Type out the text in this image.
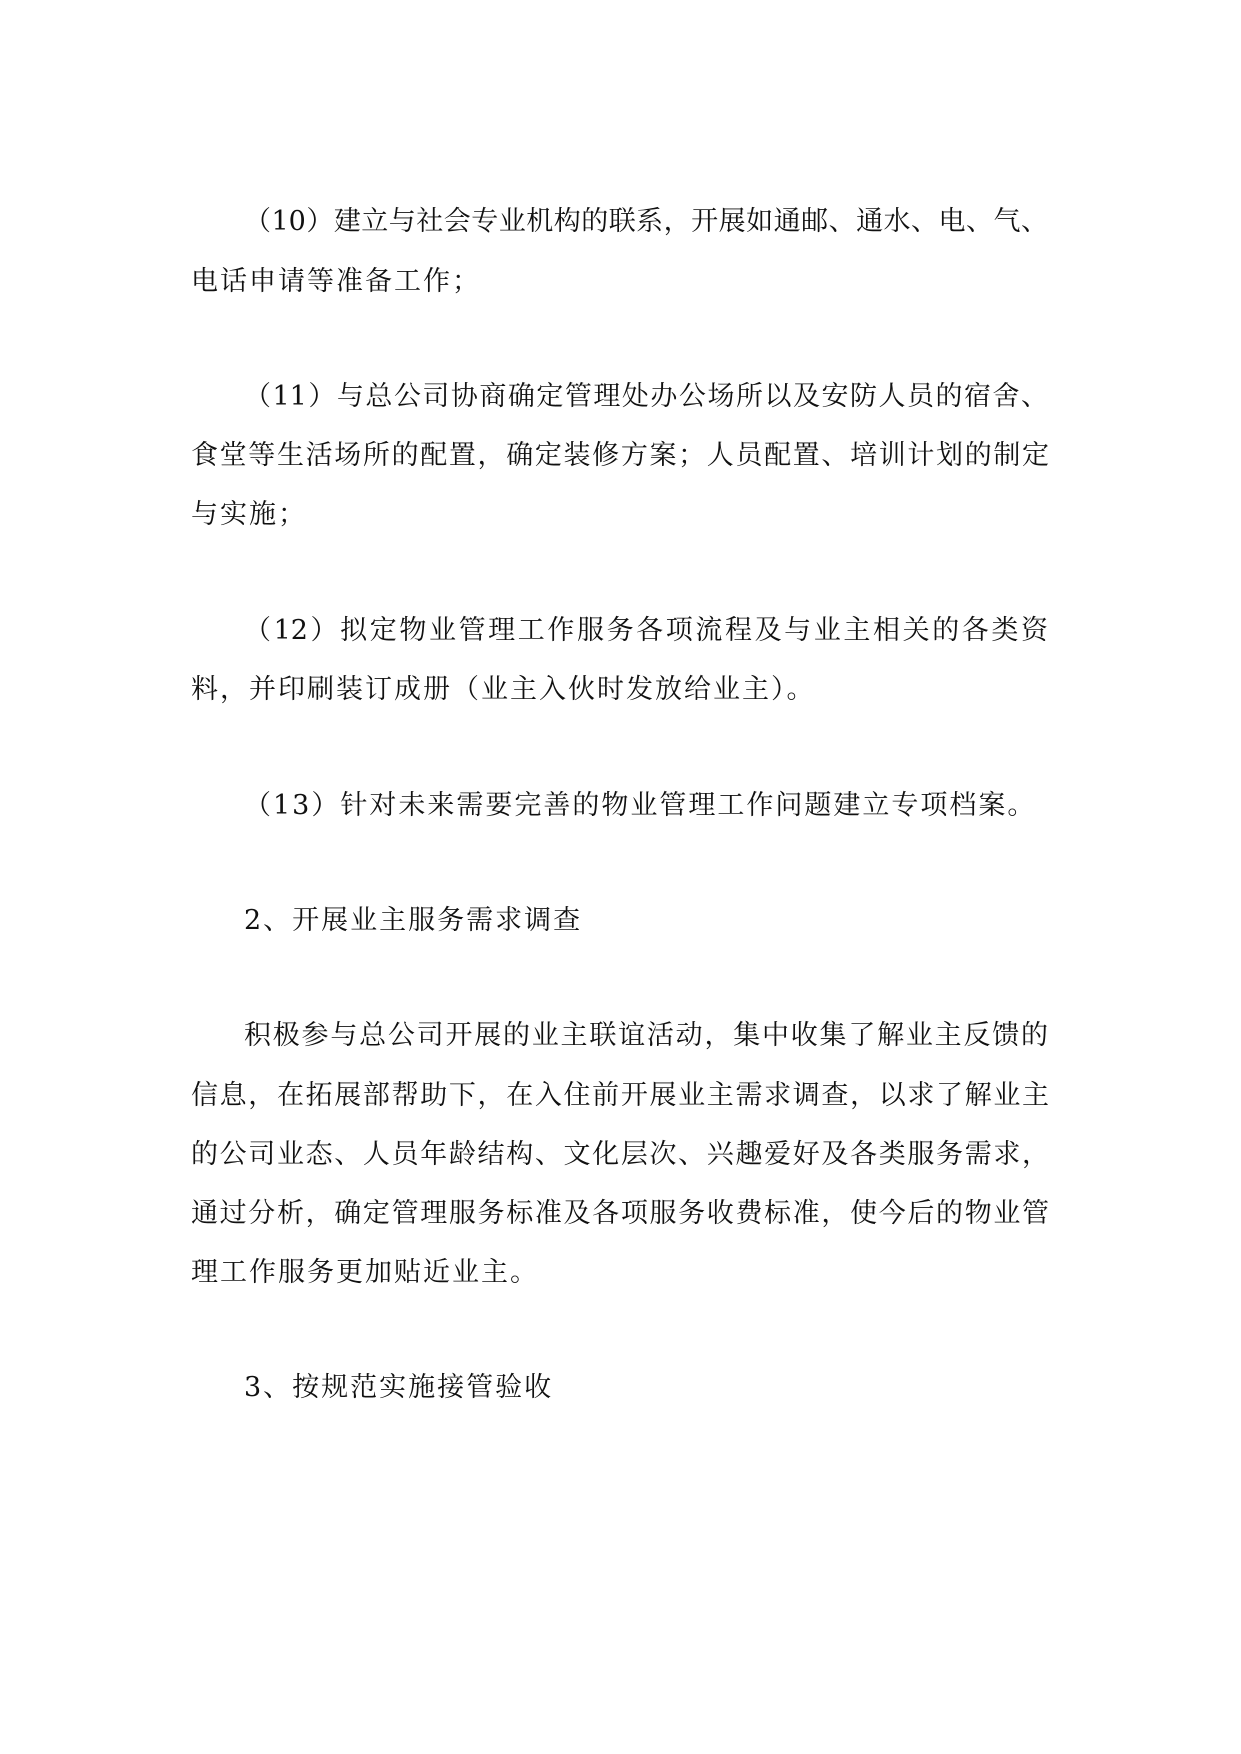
（10）建立与社会专业机构的联系，开展如通邮、通水、电、气、
电话申请等准备工作；
（11）与总公司协商确定管理处办公场所以及安防人员的宿舍、
食堂等生活场所的配置，确定装修方案；人员配置、培训计划的制定
与实施；
（12）拟定物业管理工作服务各项流程及与业主相关的各类资
料，并印刷装订成册（业主入伙时发放给业主）。
（13）针对未来需要完善的物业管理工作问题建立专项档案。
2、开展业主服务需求调查
积极参与总公司开展的业主联谊活动，集中收集了解业主反馈的
信息，在拓展部帮助下，在入住前开展业主需求调查，以求了解业主
的公司业态、人员年龄结构、文化层次、兴趣爱好及各类服务需求，
通过分析，确定管理服务标准及各项服务收费标准，使今后的物业管
理工作服务更加贴近业主。
3、按规范实施接管验收
